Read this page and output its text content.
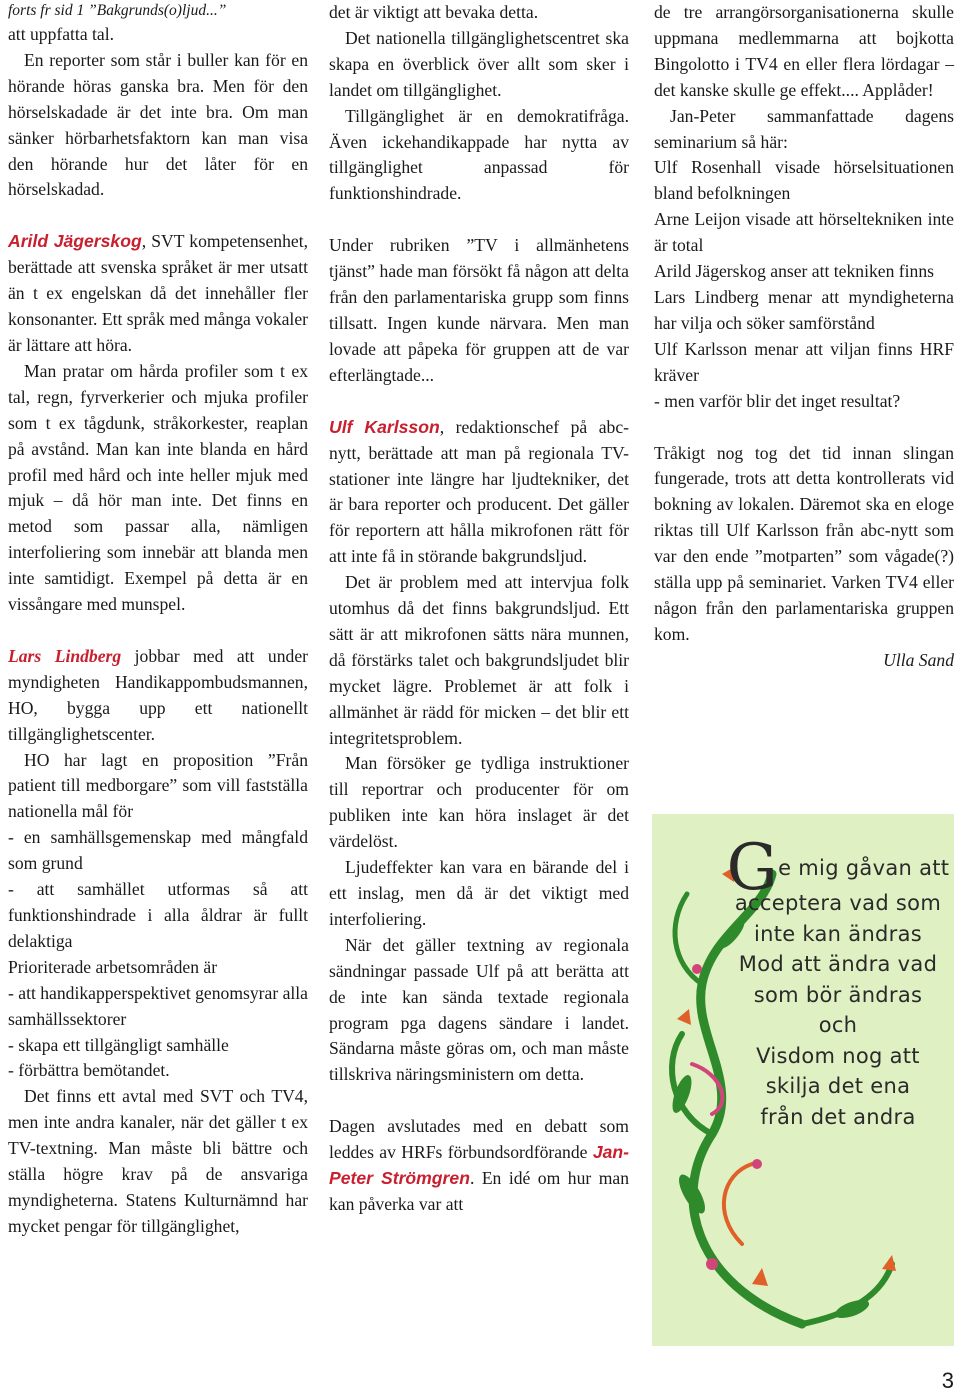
forts fr sid 1 ”Bakgrunds(o)ljud...”

att uppfatta tal.

En reporter som står i buller kan för en hörande höras ganska bra. Men för den hörselskadade är det inte bra. Om man sänker hörbarhetsfaktorn kan man visa den hörande hur det låter för en hörselskadad.

Arild Jägerskog, SVT kompetensenhet, berättade att svenska språket är mer utsatt än t ex engelskan då det innehåller fler konsonanter. Ett språk med många vokaler är lättare att höra.

Man pratar om hårda profiler som t ex tal, regn, fyrverkerier och mjuka profiler som t ex tågdunk, stråkorkester, reaplan på avstånd. Man kan inte blanda en hård profil med hård och inte heller mjuk med mjuk – då hör man inte. Det finns en metod som passar alla, nämligen interfoliering som innebär att blanda men inte samtidigt. Exempel på detta är en vissångare med munspel.

Lars Lindberg jobbar med att under myndigheten Handikappombudsmannen, HO, bygga upp ett nationellt tillgänglighetscenter.

HO har lagt en proposition ”Från patient till medborgare” som vill fastställa nationella mål för

- en samhällsgemenskap med mångfald som grund

- att samhället utformas så att funktionshindrade i alla åldrar är fullt delaktiga

Prioriterade arbetsområden är

- att handikapperspektivet genomsyrar alla samhällssektorer

- skapa ett tillgängligt samhälle

- förbättra bemötandet.

Det finns ett avtal med SVT och TV4, men inte andra kanaler, när det gäller t ex TV-textning. Man måste bli bättre och ställa högre krav på de ansvariga myndigheterna. Statens Kulturnämnd har mycket pengar för tillgänglighet,

det är viktigt att bevaka detta.

Det nationella tillgänglighetscentret ska skapa en överblick över allt som sker i landet om tillgänglighet.

Tillgänglighet är en demokratifråga. Även ickehandikappade har nytta av tillgänglighet anpassad för funktionshindrade.

Under rubriken ”TV i allmänhetens tjänst” hade man försökt få någon att delta från den parlamentariska grupp som finns tillsatt. Ingen kunde närvara. Men man lovade att påpeka för gruppen att de var efterlängtade...

Ulf Karlsson, redaktionschef på abc-nytt, berättade att man på regionala TV-stationer inte längre har ljudtekniker, det är bara reporter och producent. Det gäller för reportern att hålla mikrofonen rätt för att inte få in störande bakgrundsljud.

Det är problem med att intervjua folk utomhus då det finns bakgrundsljud. Ett sätt är att mikrofonen sätts nära munnen, då förstärks talet och bakgrundsljudet blir mycket lägre. Problemet är att folk i allmänhet är rädd för micken – det blir ett integritetsproblem.

Man försöker ge tydliga instruktioner till reportrar och producenter för om publiken inte kan höra inslaget är det värdelöst.

Ljudeffekter kan vara en bärande del i ett inslag, men då är det viktigt med interfoliering.

När det gäller textning av regionala sändningar passade Ulf på att berätta att de inte kan sända textade regionala program pga dagens sändare i landet. Sändarna måste göras om, och man måste tillskriva näringsministern om detta.

Dagen avslutades med en debatt som leddes av HRFs förbundsordförande Jan-Peter Strömgren. En idé om hur man kan påverka var att

de tre arrangörsorganisationerna skulle uppmana medlemmarna att bojkotta Bingolotto i TV4 en eller flera lördagar – det kanske skulle ge effekt.... Applåder!

Jan-Peter sammanfattade dagens seminarium så här:

Ulf Rosenhall visade hörselsituationen bland befolkningen

Arne Leijon visade att hörseltekniken inte är total

Arild Jägerskog anser att tekniken finns

Lars Lindberg menar att myndigheterna har vilja och söker samförstånd

Ulf Karlsson menar att viljan finns HRF kräver

- men varför blir det inget resultat?

Tråkigt nog tog det tid innan slingan fungerade, trots att detta kontrollerats vid bokning av lokalen. Däremot ska en eloge riktas till Ulf Karlsson från abc-nytt som var den ende ”motparten” som vågade(?) ställa upp på seminariet. Varken TV4 eller någon från den parlamentariska gruppen kom.

Ulla Sand

Ge mig gåvan att
acceptera vad som
inte kan ändras
Mod att ändra vad
som bör ändras
och
Visdom nog att
skilja det ena
från det andra
3
